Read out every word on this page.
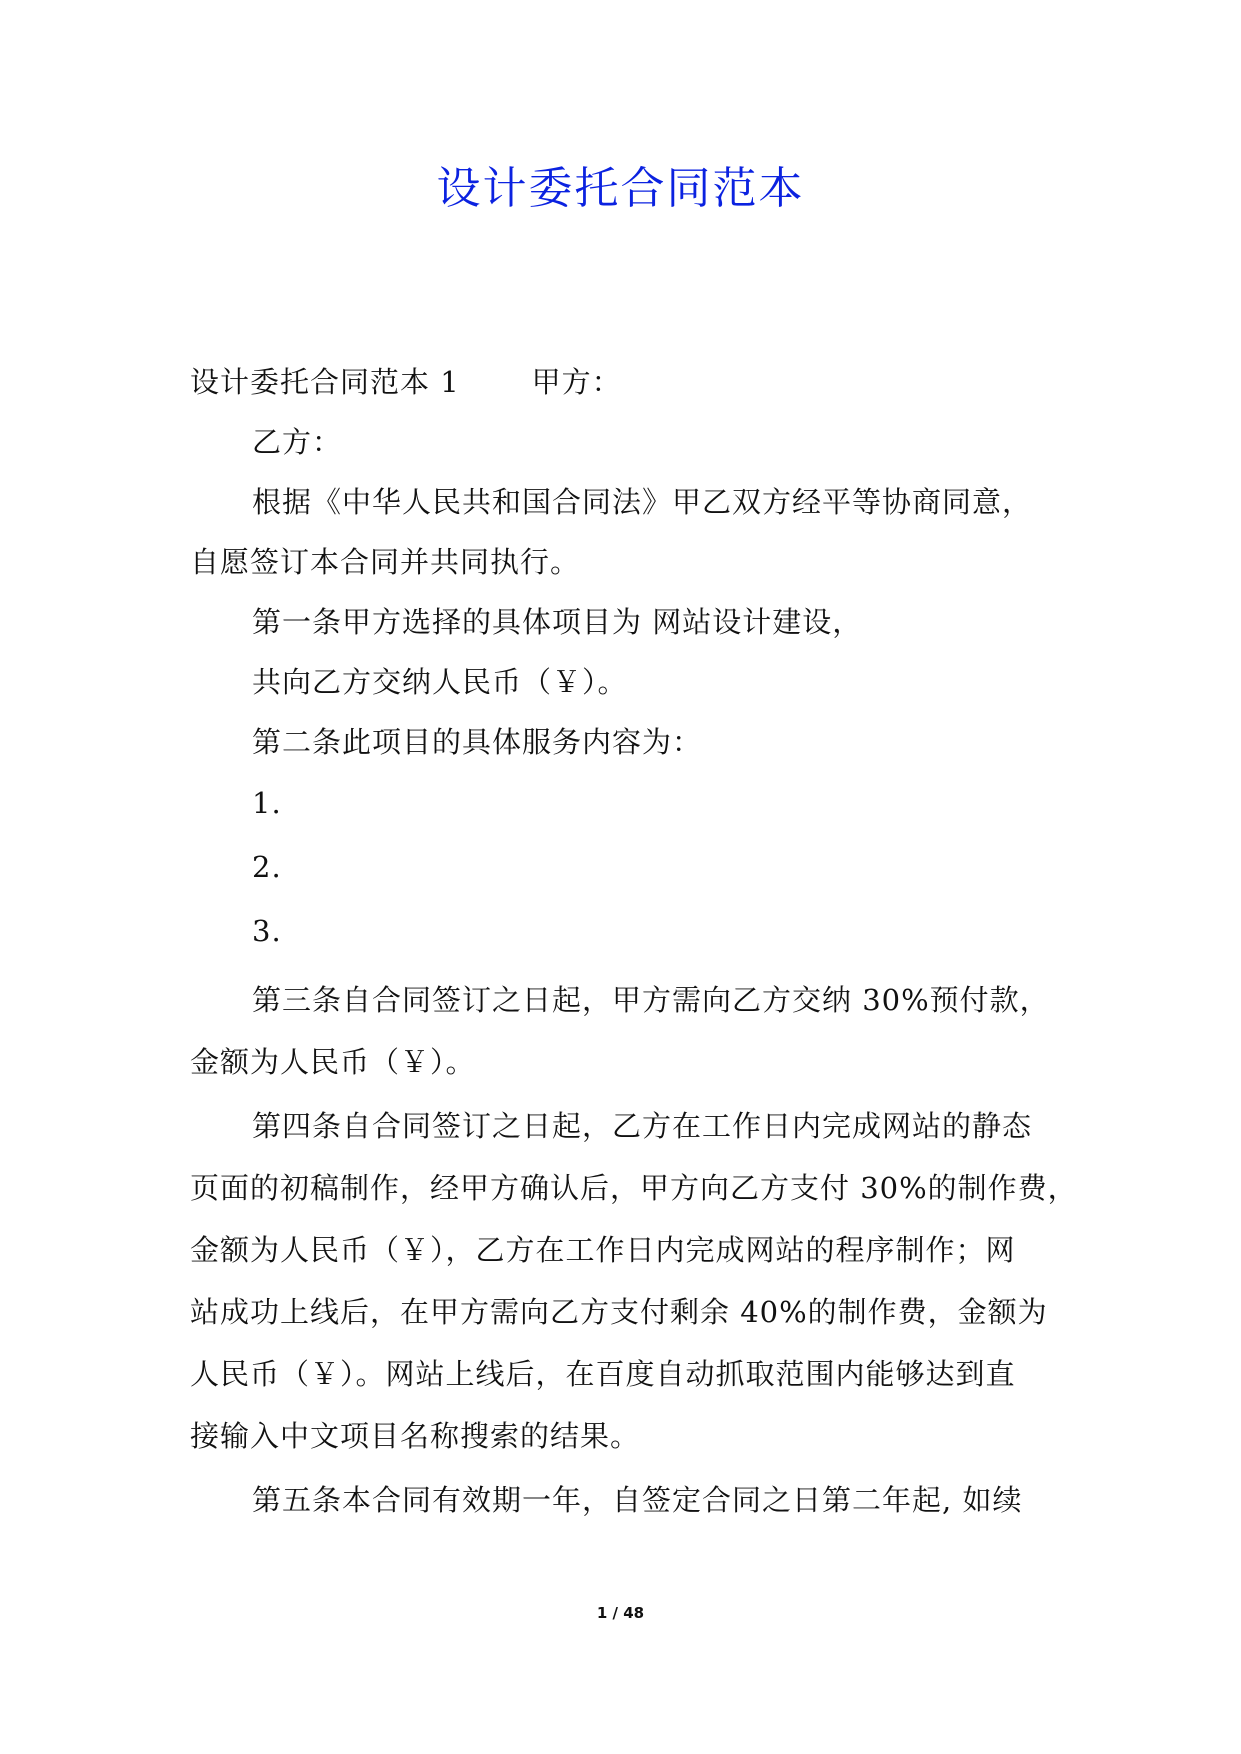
设计委托合同范本
设计委托合同范本 1 甲方：
乙方：
根据《中华人民共和国合同法》甲乙双方经平等协商同意，
自愿签订本合同并共同执行。
第一条甲方选择的具体项目为 网站设计建设，
共向乙方交纳人民币（￥）。
第二条此项目的具体服务内容为：
1.
2.
3.
第三条自合同签订之日起，甲方需向乙方交纳 30%预付款，
金额为人民币（￥）。
第四条自合同签订之日起，乙方在工作日内完成网站的静态
页面的初稿制作，经甲方确认后，甲方向乙方支付 30%的制作费，
金额为人民币（￥），乙方在工作日内完成网站的程序制作；网
站成功上线后，在甲方需向乙方支付剩余 40%的制作费，金额为
人民币（￥）。网站上线后，在百度自动抓取范围内能够达到直
接输入中文项目名称搜索的结果。
第五条本合同有效期一年，自签定合同之日第二年起, 如续
1 / 48
